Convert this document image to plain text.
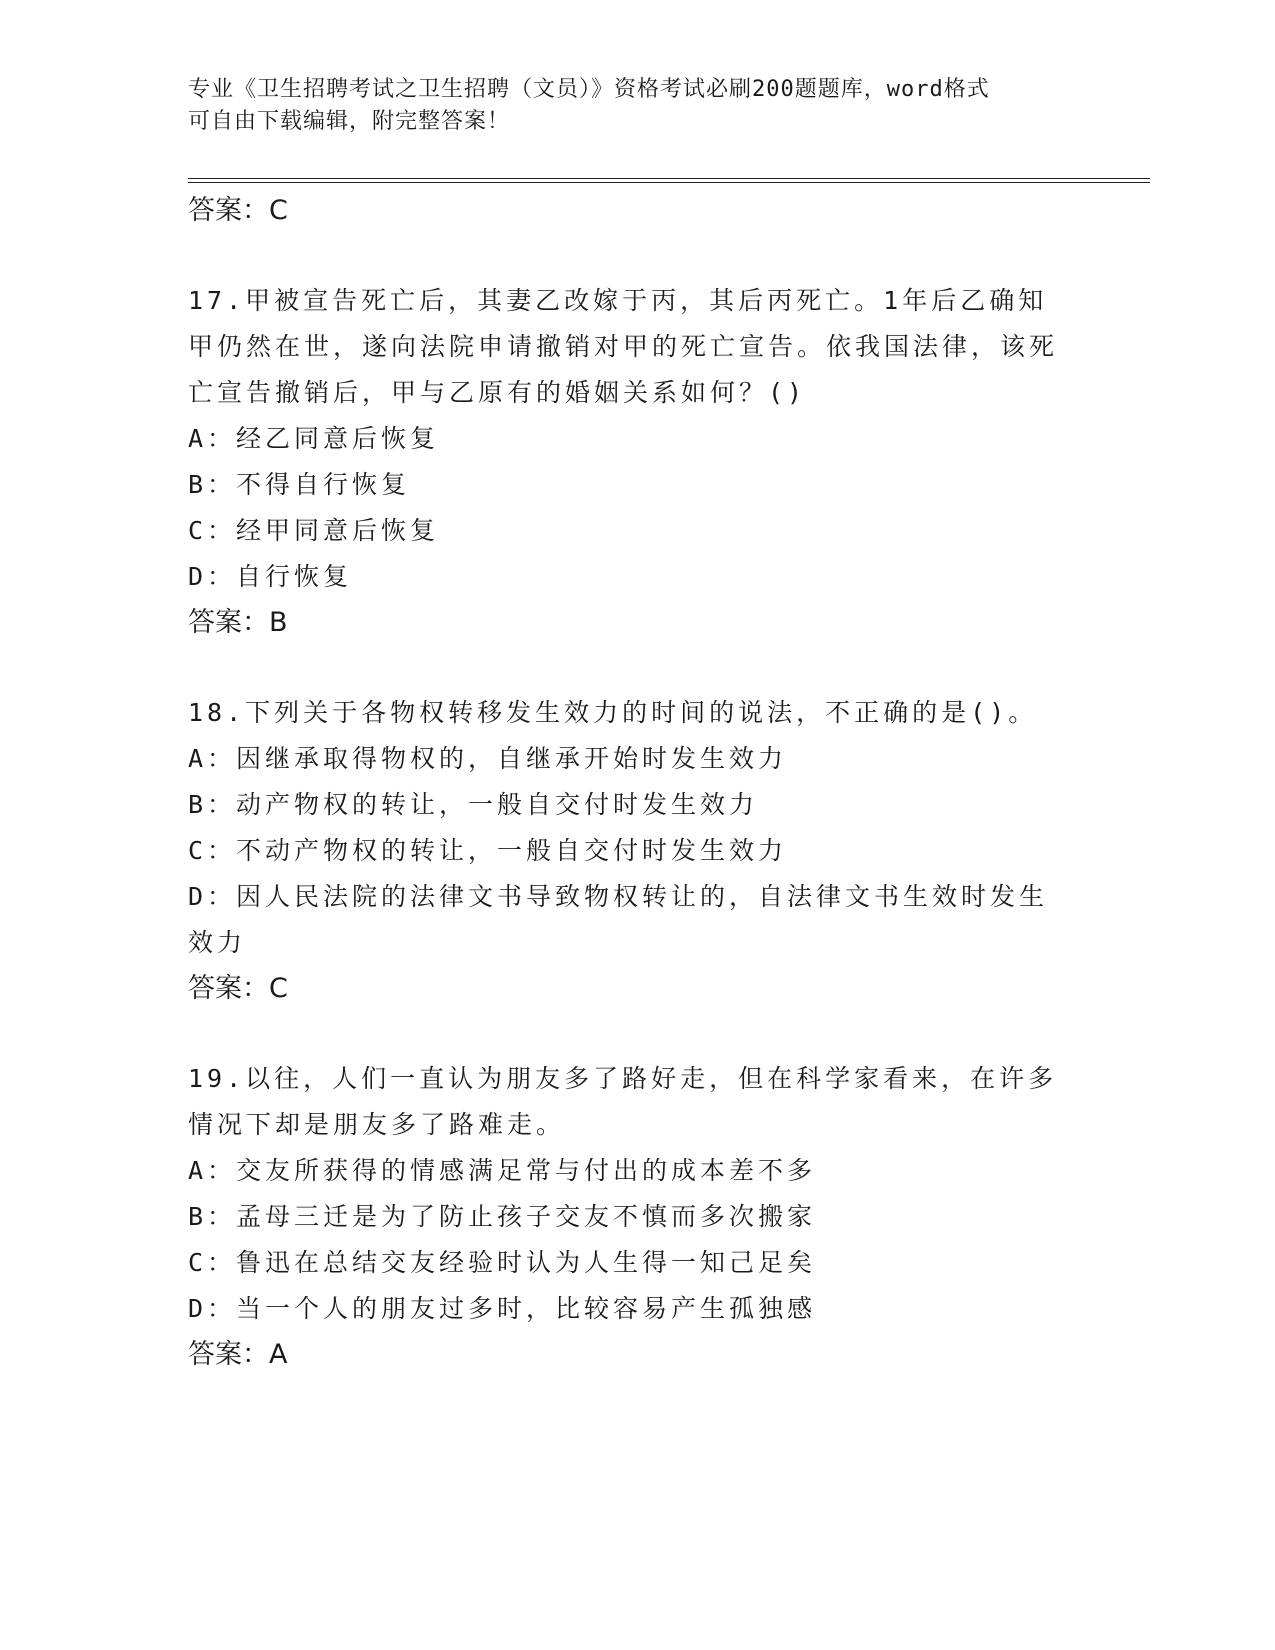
专业《卫生招聘考试之卫生招聘（文员）》资格考试必刷200题题库，word格式
可自由下载编辑，附完整答案！

答案：C

17.甲被宣告死亡后，其妻乙改嫁于丙，其后丙死亡。1年后乙确知甲仍然在世，遂向法院申请撤销对甲的死亡宣告。依我国法律，该死亡宣告撤销后，甲与乙原有的婚姻关系如何？()

A：经乙同意后恢复

B：不得自行恢复

C：经甲同意后恢复

D：自行恢复

答案：B

18.下列关于各物权转移发生效力的时间的说法，不正确的是()。

A：因继承取得物权的，自继承开始时发生效力

B：动产物权的转让，一般自交付时发生效力

C：不动产物权的转让，一般自交付时发生效力

D：因人民法院的法律文书导致物权转让的，自法律文书生效时发生效力

答案：C

19.以往，人们一直认为朋友多了路好走，但在科学家看来，在许多情况下却是朋友多了路难走。

A：交友所获得的情感满足常与付出的成本差不多

B：孟母三迁是为了防止孩子交友不慎而多次搬家

C：鲁迅在总结交友经验时认为人生得一知己足矣

D：当一个人的朋友过多时，比较容易产生孤独感

答案：A
